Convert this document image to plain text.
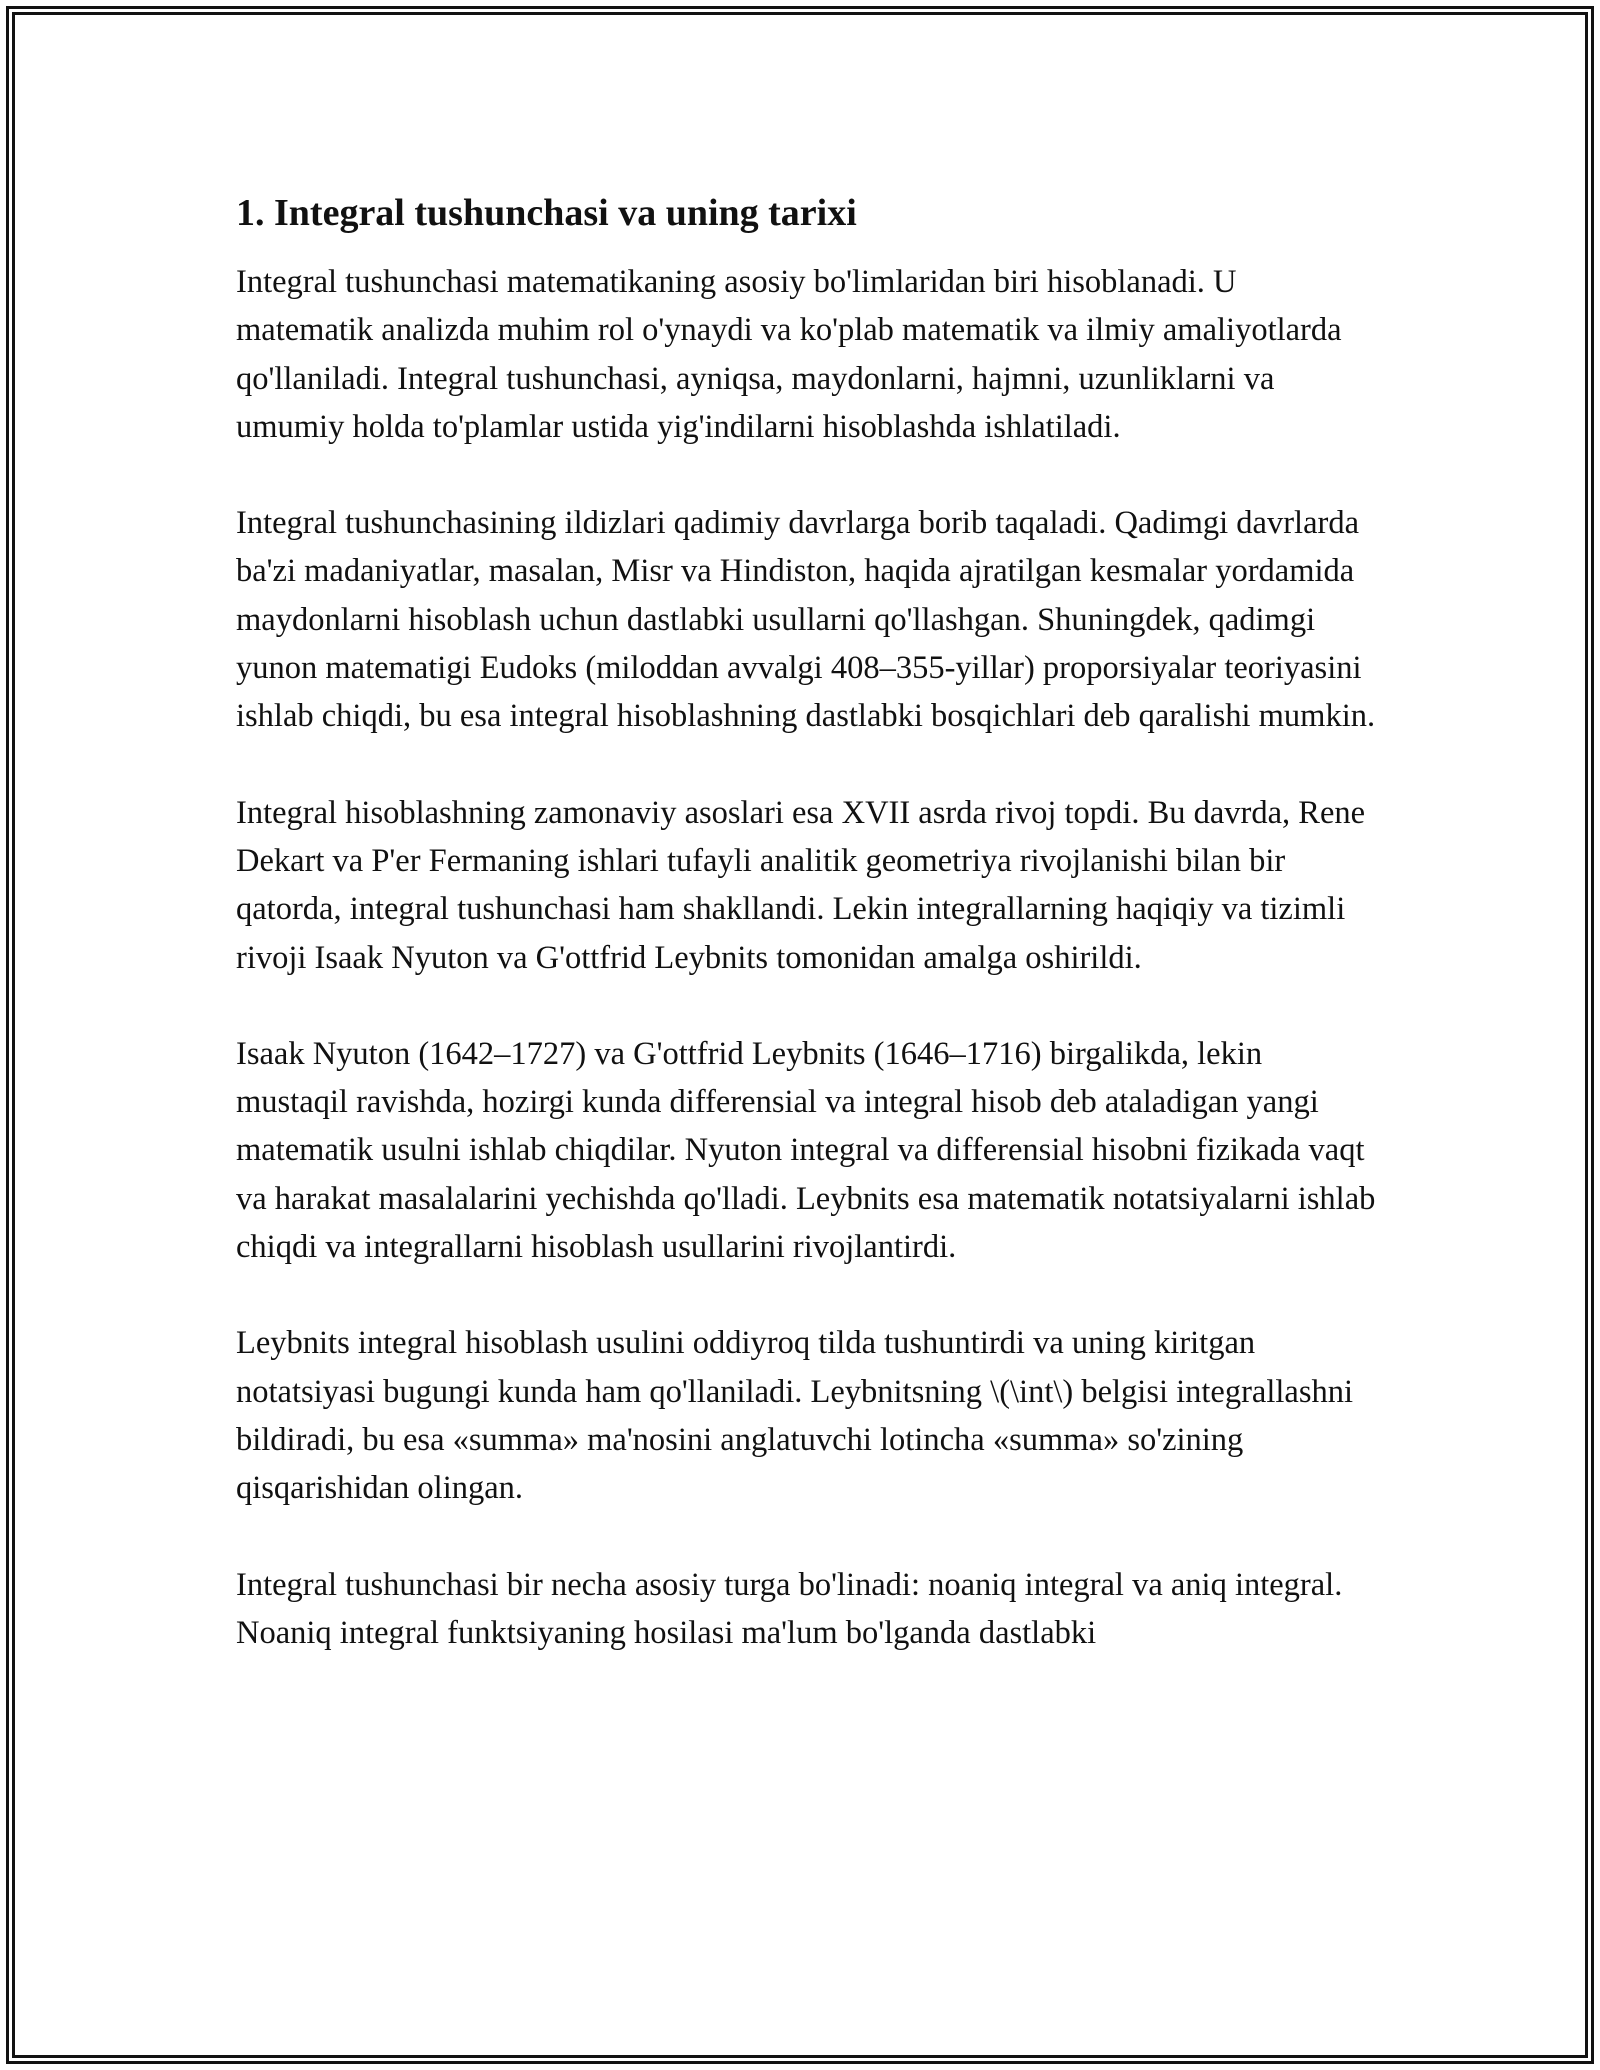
1. Integral tushunchasi va uning tarixi

Integral tushunchasi matematikaning asosiy bo'limlaridan biri hisoblanadi. U matematik analizda muhim rol o'ynaydi va ko'plab matematik va ilmiy amaliyotlarda qo'llaniladi. Integral tushunchasi, ayniqsa, maydonlarni, hajmni, uzunliklarni va umumiy holda to'plamlar ustida yig'indilarni hisoblashda ishlatiladi.

Integral tushunchasining ildizlari qadimiy davrlarga borib taqaladi. Qadimgi davrlarda ba'zi madaniyatlar, masalan, Misr va Hindiston, haqida ajratilgan kesmalar yordamida maydonlarni hisoblash uchun dastlabki usullarni qo'llashgan. Shuningdek, qadimgi yunon matematigi Eudoks (miloddan avvalgi 408–355-yillar) proporsiyalar teoriyasini ishlab chiqdi, bu esa integral hisoblashning dastlabki bosqichlari deb qaralishi mumkin.

Integral hisoblashning zamonaviy asoslari esa XVII asrda rivoj topdi. Bu davrda, Rene Dekart va P'er Fermaning ishlari tufayli analitik geometriya rivojlanishi bilan bir qatorda, integral tushunchasi ham shakllandi. Lekin integrallarning haqiqiy va tizimli rivoji Isaak Nyuton va G'ottfrid Leybnits tomonidan amalga oshirildi.

Isaak Nyuton (1642–1727) va G'ottfrid Leybnits (1646–1716) birgalikda, lekin mustaqil ravishda, hozirgi kunda differensial va integral hisob deb ataladigan yangi matematik usulni ishlab chiqdilar. Nyuton integral va differensial hisobni fizikada vaqt va harakat masalalarini yechishda qo'lladi. Leybnits esa matematik notatsiyalarni ishlab chiqdi va integrallarni hisoblash usullarini rivojlantirdi.

Leybnits integral hisoblash usulini oddiyroq tilda tushuntirdi va uning kiritgan notatsiyasi bugungi kunda ham qo'llaniladi. Leybnitsning \(\int\) belgisi integrallashni bildiradi, bu esa «summa» ma'nosini anglatuvchi lotincha «summa» so'zining qisqarishidan olingan.

Integral tushunchasi bir necha asosiy turga bo'linadi: noaniq integral va aniq integral. Noaniq integral funktsiyaning hosilasi ma'lum bo'lganda dastlabki
